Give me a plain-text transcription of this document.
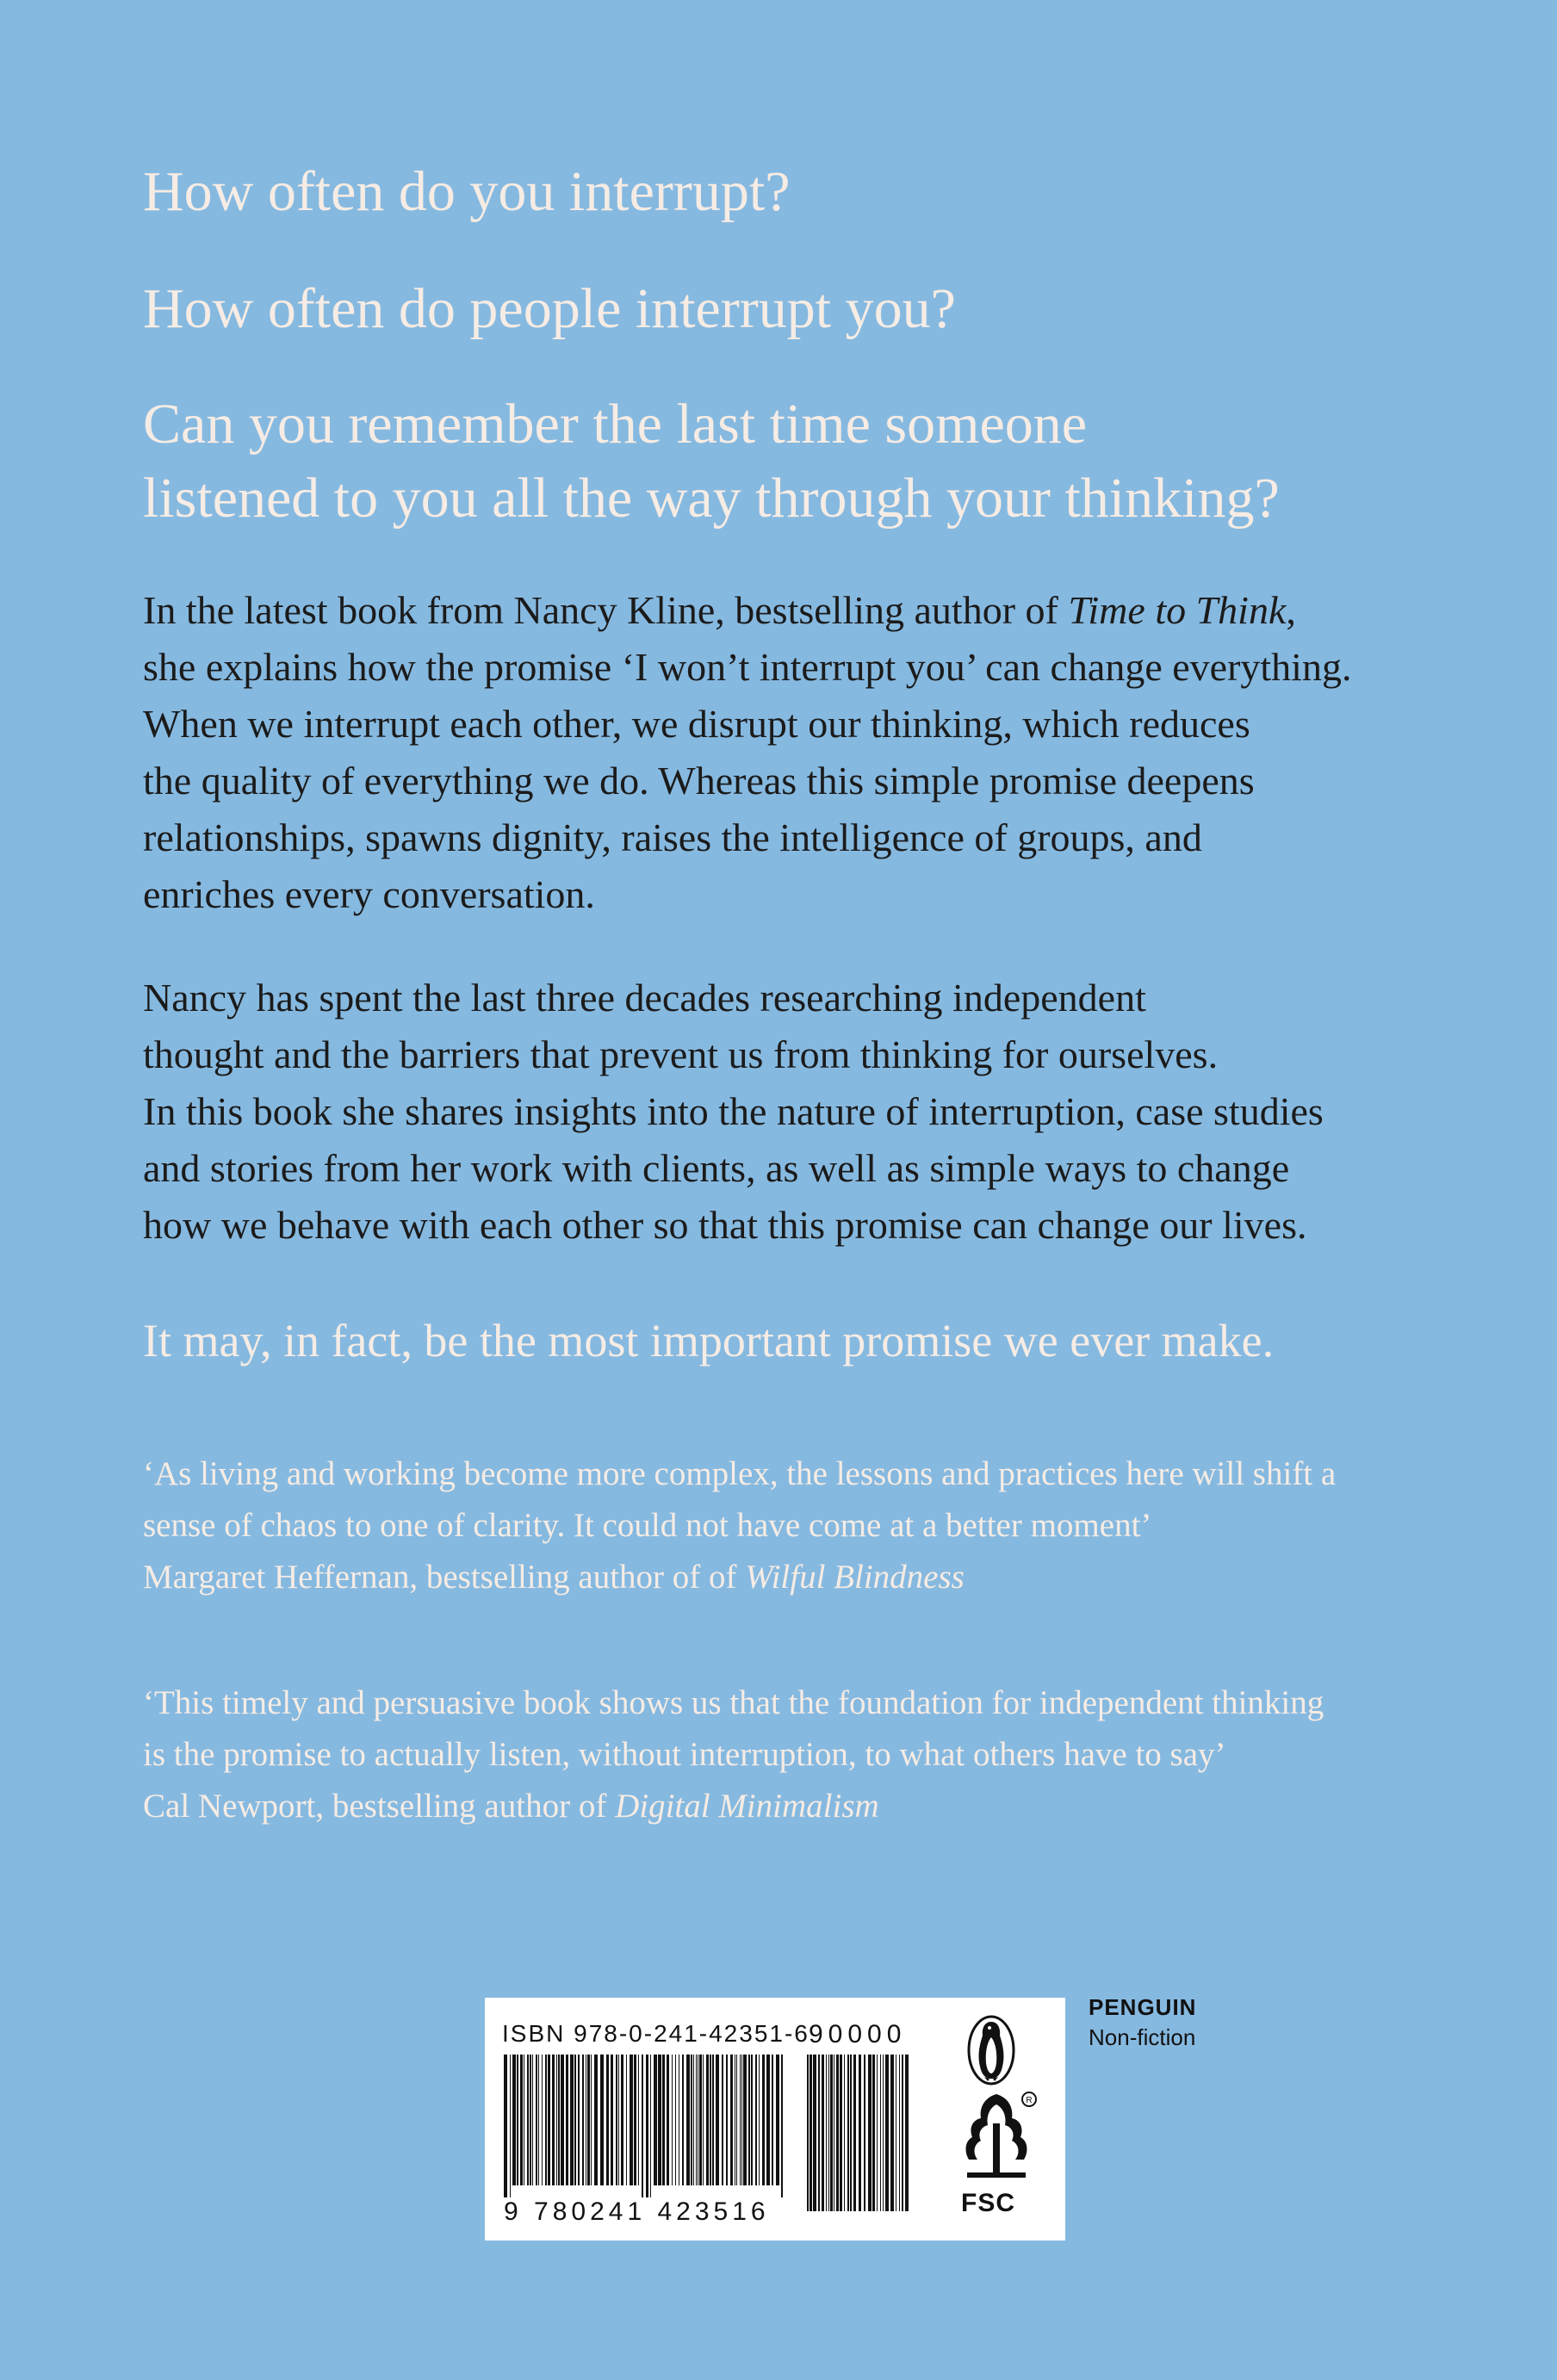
How often do you interrupt?
How often do people interrupt you?
Can you remember the last time someone
listened to you all the way through your thinking?
In the latest book from Nancy Kline, bestselling author of Time to Think,
she explains how the promise ‘I won’t interrupt you’ can change everything.
When we interrupt each other, we disrupt our thinking, which reduces
the quality of everything we do. Whereas this simple promise deepens
relationships, spawns dignity, raises the intelligence of groups, and
enriches every conversation.
Nancy has spent the last three decades researching independent
thought and the barriers that prevent us from thinking for ourselves.
In this book she shares insights into the nature of interruption, case studies
and stories from her work with clients, as well as simple ways to change
how we behave with each other so that this promise can change our lives.
It may, in fact, be the most important promise we ever make.
‘As living and working become more complex, the lessons and practices here will shift a
sense of chaos to one of clarity. It could not have come at a better moment’
Margaret Heffernan, bestselling author of of Wilful Blindness
‘This timely and persuasive book shows us that the foundation for independent thinking
is the promise to actually listen, without interruption, to what others have to say’
Cal Newport, bestselling author of Digital Minimalism
ISBN 978-0-241-42351-6
9 780241 423516
90000
R
FSC
PENGUIN
Non-fiction
